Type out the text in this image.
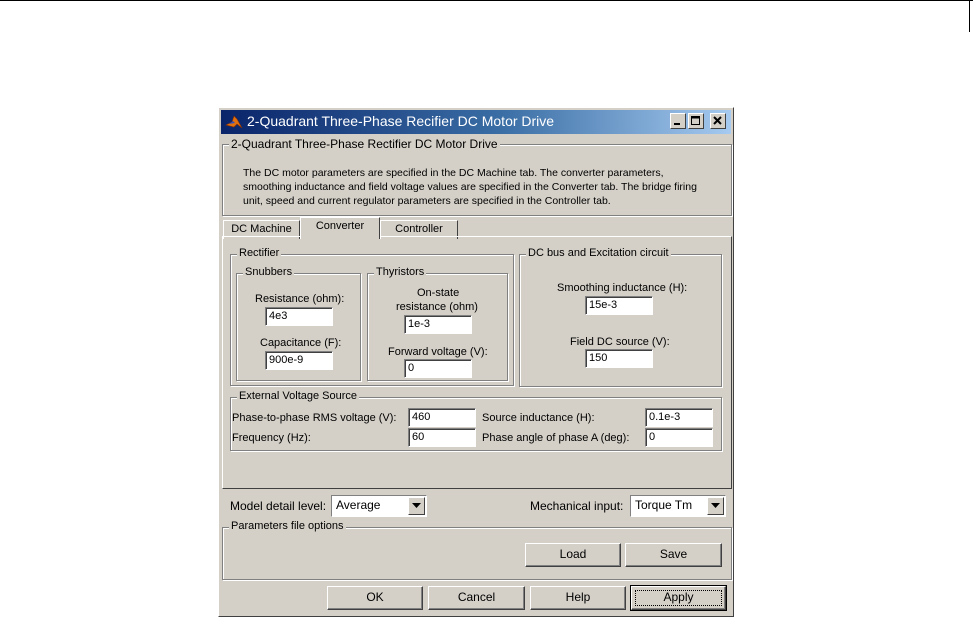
2-Quadrant Three-Phase Recifier DC Motor Drive
2-Quadrant Three-Phase Rectifier DC Motor Drive
The DC motor parameters are specified in the DC Machine tab. The converter parameters,
smoothing inductance and field voltage values are specified in the Converter tab. The bridge firing
unit, speed and current regulator parameters are specified in the Controller tab.
DC Machine	Converter	Controller
Rectifier
Snubbers
Resistance (ohm):
4e3
Capacitance (F):
900e-9
Thyristors
On-state
resistance (ohm)
1e-3
Forward voltage (V):
0
DC bus and Excitation circuit
Smoothing inductance (H):
15e-3
Field DC source (V):
150
External Voltage Source
Phase-to-phase RMS voltage (V):	460
Frequency (Hz):	60
Source inductance (H):	0.1e-3
Phase angle of phase A (deg):	0
Model detail level: Average	Mechanical input: Torque Tm
Parameters file options
Load	Save
OK	Cancel	Help	Apply
